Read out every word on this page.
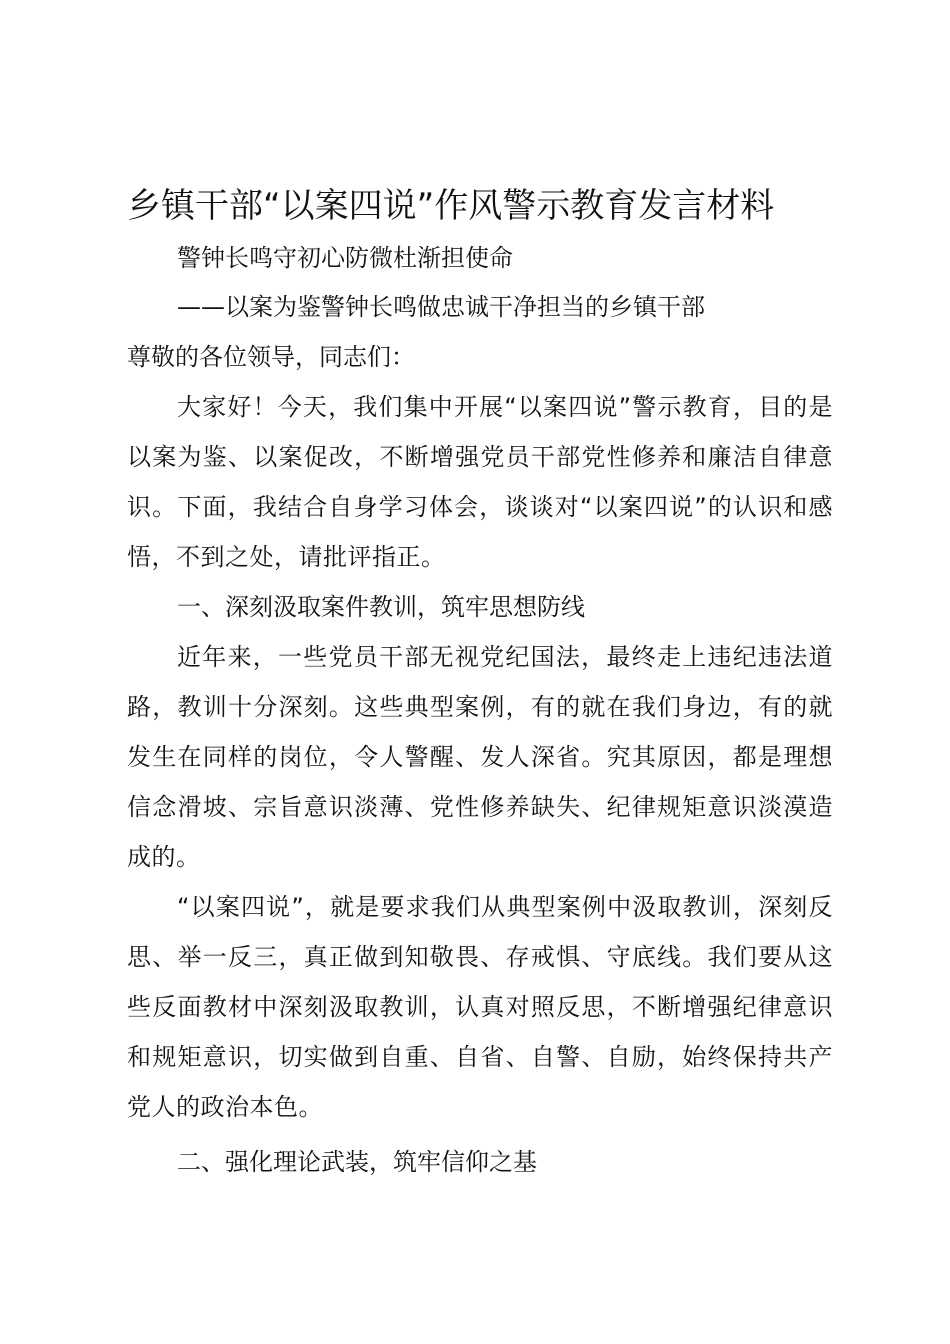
乡镇干部“以案四说”作风警示教育发言材料

警钟长鸣守初心防微杜渐担使命

——以案为鉴警钟长鸣做忠诚干净担当的乡镇干部

尊敬的各位领导，同志们：

大家好！今天，我们集中开展“以案四说”警示教育，目的是以案为鉴、以案促改，不断增强党员干部党性修养和廉洁自律意识。下面，我结合自身学习体会，谈谈对“以案四说”的认识和感悟，不到之处，请批评指正。

一、深刻汲取案件教训，筑牢思想防线

近年来，一些党员干部无视党纪国法，最终走上违纪违法道路，教训十分深刻。这些典型案例，有的就在我们身边，有的就发生在同样的岗位，令人警醒、发人深省。究其原因，都是理想信念滑坡、宗旨意识淡薄、党性修养缺失、纪律规矩意识淡漠造成的。

“以案四说”，就是要求我们从典型案例中汲取教训，深刻反思、举一反三，真正做到知敬畏、存戒惧、守底线。我们要从这些反面教材中深刻汲取教训，认真对照反思，不断增强纪律意识和规矩意识，切实做到自重、自省、自警、自励，始终保持共产党人的政治本色。

二、强化理论武装，筑牢信仰之基
